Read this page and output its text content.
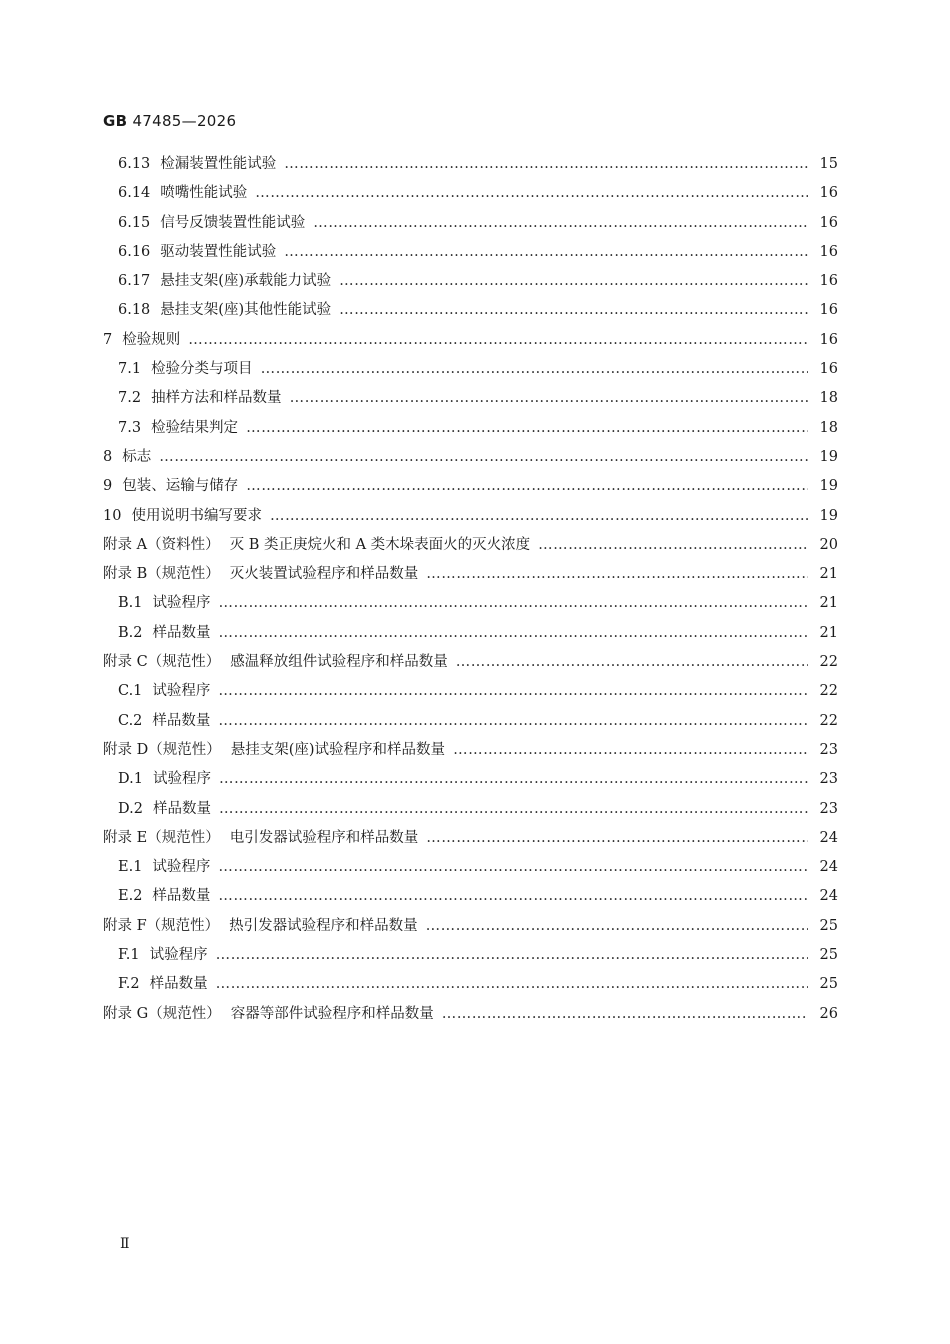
GB 47485—2026
6.13 检漏装置性能试验 …………………………………………………………………………………………………………………………………………………………………………………………………………………………………	15
6.14 喷嘴性能试验 …………………………………………………………………………………………………………………………………………………………………………………………………………………………………	16
6.15 信号反馈装置性能试验 …………………………………………………………………………………………………………………………………………………………………………………………………………………………………	16
6.16 驱动装置性能试验 …………………………………………………………………………………………………………………………………………………………………………………………………………………………………	16
6.17 悬挂支架(座)承载能力试验 …………………………………………………………………………………………………………………………………………………………………………………………………………………………………	16
6.18 悬挂支架(座)其他性能试验 …………………………………………………………………………………………………………………………………………………………………………………………………………………………………	16
7 检验规则 …………………………………………………………………………………………………………………………………………………………………………………………………………………………………	16
7.1 检验分类与项目 …………………………………………………………………………………………………………………………………………………………………………………………………………………………………	16
7.2 抽样方法和样品数量 …………………………………………………………………………………………………………………………………………………………………………………………………………………………………	18
7.3 检验结果判定 …………………………………………………………………………………………………………………………………………………………………………………………………………………………………	18
8 标志 …………………………………………………………………………………………………………………………………………………………………………………………………………………………………	19
9 包装、运输与储存 …………………………………………………………………………………………………………………………………………………………………………………………………………………………………	19
10 使用说明书编写要求 …………………………………………………………………………………………………………………………………………………………………………………………………………………………………	19
附录 A（资料性） 灭 B 类正庚烷火和 A 类木垛表面火的灭火浓度 …………………………………………………………………………………………………………………………………………………………………………………………………………………………………	20
附录 B（规范性） 灭火装置试验程序和样品数量 …………………………………………………………………………………………………………………………………………………………………………………………………………………………………	21
B.1 试验程序 …………………………………………………………………………………………………………………………………………………………………………………………………………………………………	21
B.2 样品数量 …………………………………………………………………………………………………………………………………………………………………………………………………………………………………	21
附录 C（规范性） 感温释放组件试验程序和样品数量 …………………………………………………………………………………………………………………………………………………………………………………………………………………………………	22
C.1 试验程序 …………………………………………………………………………………………………………………………………………………………………………………………………………………………………	22
C.2 样品数量 …………………………………………………………………………………………………………………………………………………………………………………………………………………………………	22
附录 D（规范性） 悬挂支架(座)试验程序和样品数量 …………………………………………………………………………………………………………………………………………………………………………………………………………………………………	23
D.1 试验程序 …………………………………………………………………………………………………………………………………………………………………………………………………………………………………	23
D.2 样品数量 …………………………………………………………………………………………………………………………………………………………………………………………………………………………………	23
附录 E（规范性） 电引发器试验程序和样品数量 …………………………………………………………………………………………………………………………………………………………………………………………………………………………………	24
E.1 试验程序 …………………………………………………………………………………………………………………………………………………………………………………………………………………………………	24
E.2 样品数量 …………………………………………………………………………………………………………………………………………………………………………………………………………………………………	24
附录 F（规范性） 热引发器试验程序和样品数量 …………………………………………………………………………………………………………………………………………………………………………………………………………………………………	25
F.1 试验程序 …………………………………………………………………………………………………………………………………………………………………………………………………………………………………	25
F.2 样品数量 …………………………………………………………………………………………………………………………………………………………………………………………………………………………………	25
附录 G（规范性） 容器等部件试验程序和样品数量 …………………………………………………………………………………………………………………………………………………………………………………………………………………………………	26
Ⅱ
